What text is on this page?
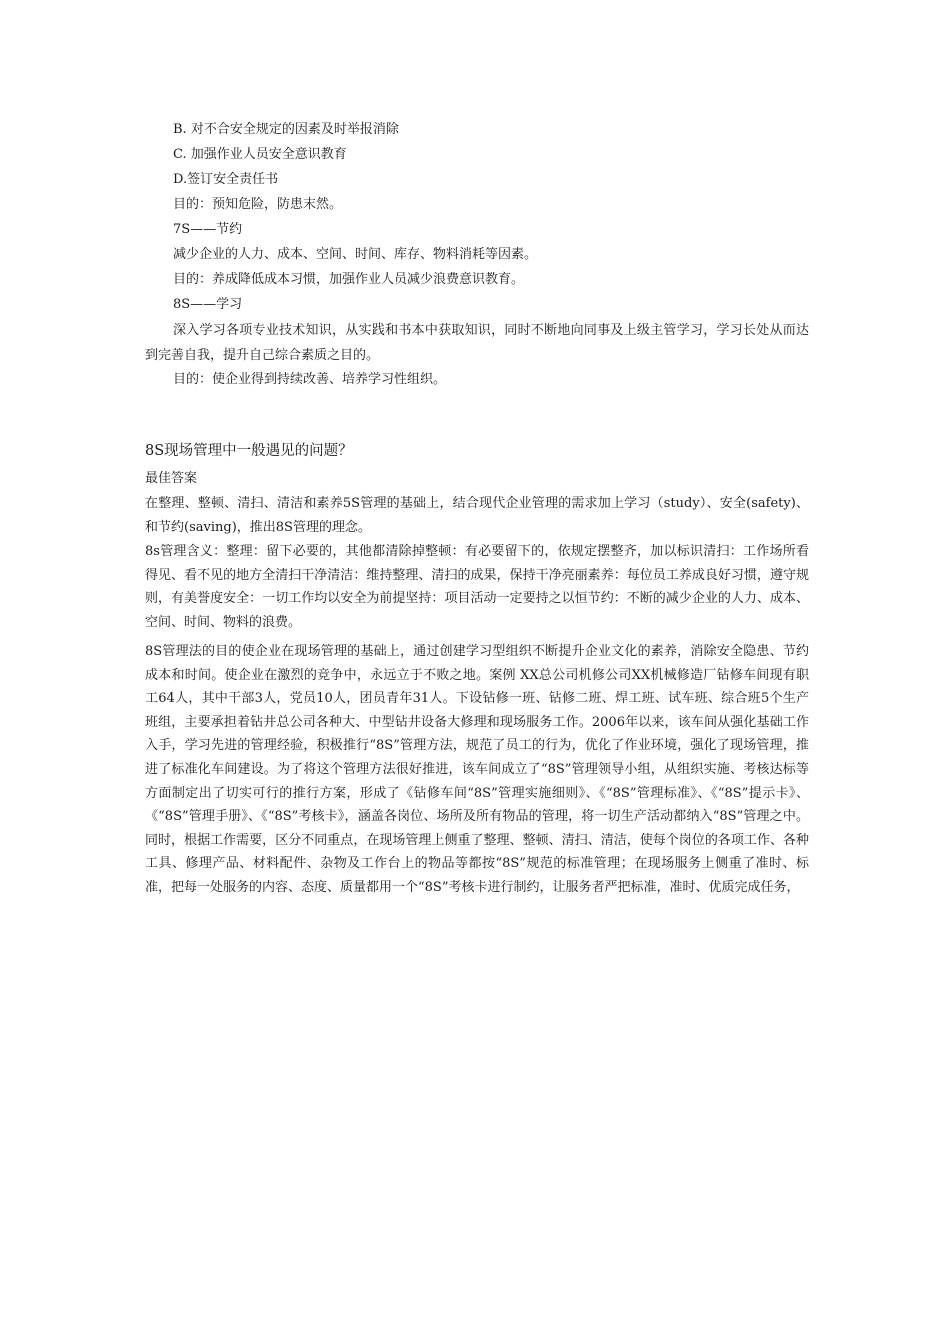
B. 对不合安全规定的因素及时举报消除
C. 加强作业人员安全意识教育
D.签订安全责任书
目的：预知危险，防患末然。
7S——节约
减少企业的人力、成本、空间、时间、库存、物料消耗等因素。
目的：养成降低成本习惯，加强作业人员减少浪费意识教育。
8S——学习
深入学习各项专业技术知识，从实践和书本中获取知识，同时不断地向同事及上级主管学习，学习长处从而达到完善自我，提升自己综合素质之目的。
目的：使企业得到持续改善、培养学习性组织。
8S现场管理中一般遇见的问题？
最佳答案
在整理、整顿、清扫、清洁和素养5S管理的基础上，结合现代企业管理的需求加上学习（study）、安全(safety)、和节约(saving)，推出8S管理的理念。
8s管理含义：整理：留下必要的，其他都清除掉整顿：有必要留下的，依规定摆整齐，加以标识清扫：工作场所看得见、看不见的地方全清扫干净清洁：维持整理、清扫的成果，保持干净亮丽素养：每位员工养成良好习惯，遵守规则，有美誉度安全：一切工作均以安全为前提坚持：项目活动一定要持之以恒节约：不断的减少企业的人力、成本、空间、时间、物料的浪费。
8S管理法的目的使企业在现场管理的基础上，通过创建学习型组织不断提升企业文化的素养，消除安全隐患、节约成本和时间。使企业在激烈的竞争中，永远立于不败之地。案例 XX总公司机修公司XX机械修造厂钻修车间现有职工64人，其中干部3人，党员10人，团员青年31人。下设钻修一班、钻修二班、焊工班、试车班、综合班5个生产班组，主要承担着钻井总公司各种大、中型钻井设备大修理和现场服务工作。2006年以来，该车间从强化基础工作入手，学习先进的管理经验，积极推行“8S”管理方法，规范了员工的行为，优化了作业环境，强化了现场管理，推进了标准化车间建设。为了将这个管理方法很好推进，该车间成立了“8S”管理领导小组，从组织实施、考核达标等方面制定出了切实可行的推行方案，形成了《钻修车间“8S”管理实施细则》、《“8S”管理标准》、《“8S”提示卡》、《“8S”管理手册》、《“8S”考核卡》，涵盖各岗位、场所及所有物品的管理，将一切生产活动都纳入“8S”管理之中。同时，根据工作需要，区分不同重点，在现场管理上侧重了整理、整顿、清扫、清洁，使每个岗位的各项工作、各种工具、修理产品、材料配件、杂物及工作台上的物品等都按“8S”规范的标准管理；在现场服务上侧重了准时、标准，把每一处服务的内容、态度、质量都用一个“8S”考核卡进行制约，让服务者严把标准，准时、优质完成任务，
